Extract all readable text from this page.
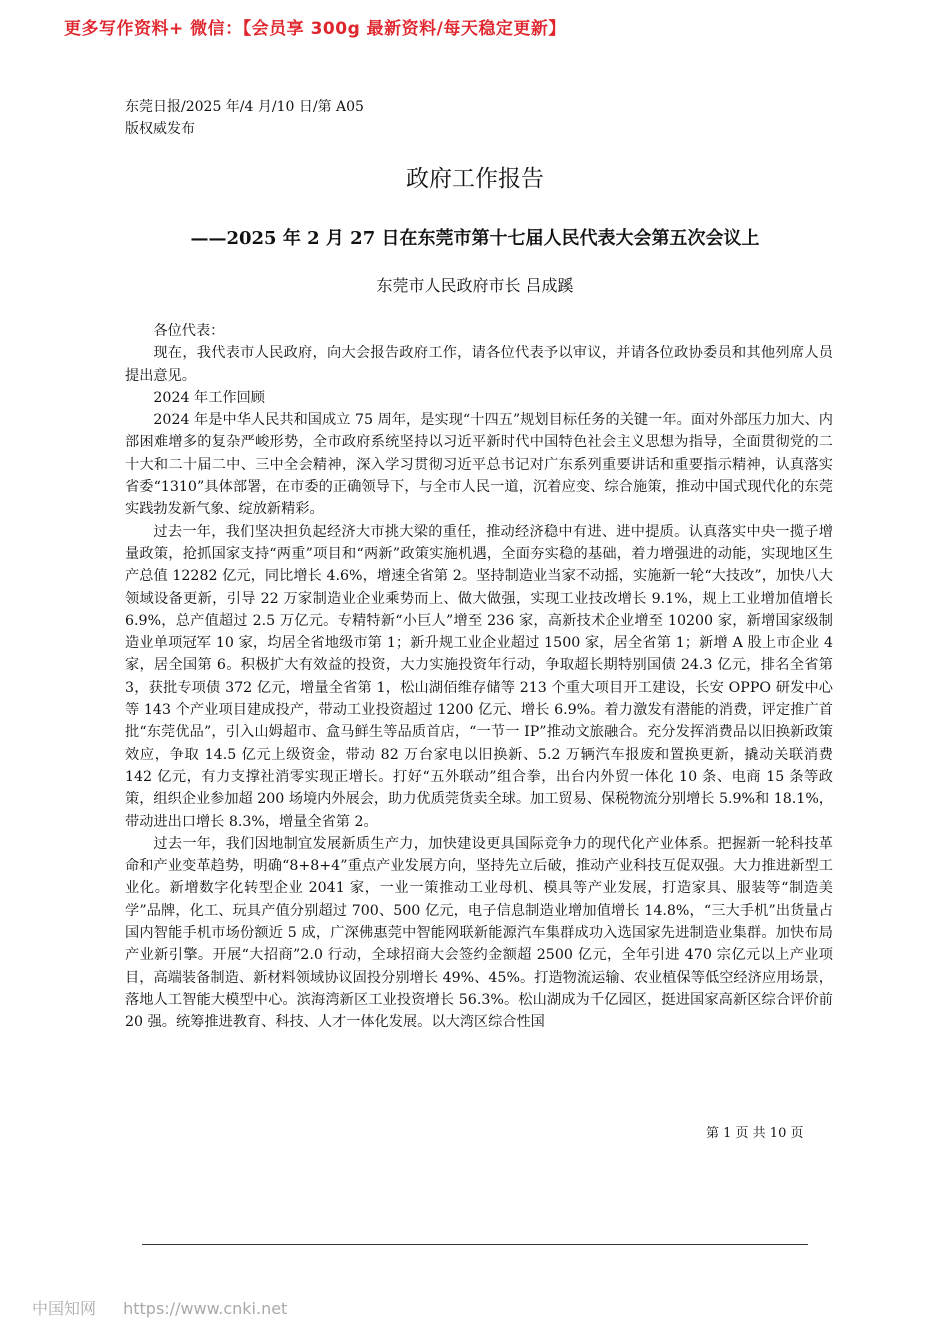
更多写作资料+ 微信：【会员享 300g 最新资料/每天稳定更新】
东莞日报/2025 年/4 月/10 日/第 A05
版权威发布
政府工作报告
——2025 年 2 月 27 日在东莞市第十七届人民代表大会第五次会议上
东莞市人民政府市长 吕成蹊

各位代表：

现在，我代表市人民政府，向大会报告政府工作，请各位代表予以审议，并请各位政协委员和其他列席人员提出意见。

2024 年工作回顾

2024 年是中华人民共和国成立 75 周年，是实现“十四五”规划目标任务的关键一年。面对外部压力加大、内部困难增多的复杂严峻形势，全市政府系统坚持以习近平新时代中国特色社会主义思想为指导，全面贯彻党的二十大和二十届二中、三中全会精神，深入学习贯彻习近平总书记对广东系列重要讲话和重要指示精神，认真落实省委“1310”具体部署，在市委的正确领导下，与全市人民一道，沉着应变、综合施策，推动中国式现代化的东莞实践勃发新气象、绽放新精彩。

过去一年，我们坚决担负起经济大市挑大梁的重任，推动经济稳中有进、进中提质。认真落实中央一揽子增量政策，抢抓国家支持“两重”项目和“两新”政策实施机遇，全面夯实稳的基础，着力增强进的动能，实现地区生产总值 12282 亿元，同比增长 4.6%，增速全省第 2。坚持制造业当家不动摇，实施新一轮“大技改”，加快八大领域设备更新，引导 22 万家制造业企业乘势而上、做大做强，实现工业技改增长 9.1%，规上工业增加值增长 6.9%，总产值超过 2.5 万亿元。专精特新“小巨人”增至 236 家，高新技术企业增至 10200 家，新增国家级制造业单项冠军 10 家，均居全省地级市第 1；新升规工业企业超过 1500 家，居全省第 1；新增 A 股上市企业 4 家，居全国第 6。积极扩大有效益的投资，大力实施投资年行动，争取超长期特别国债 24.3 亿元，排名全省第 3，获批专项债 372 亿元，增量全省第 1，松山湖佰维存储等 213 个重大项目开工建设，长安 OPPO 研发中心等 143 个产业项目建成投产，带动工业投资超过 1200 亿元、增长 6.9%。着力激发有潜能的消费，评定推广首批“东莞优品”，引入山姆超市、盒马鲜生等品质首店，“一节一 IP”推动文旅融合。充分发挥消费品以旧换新政策效应，争取 14.5 亿元上级资金，带动 82 万台家电以旧换新、5.2 万辆汽车报废和置换更新，撬动关联消费 142 亿元，有力支撑社消零实现正增长。打好“五外联动”组合拳，出台内外贸一体化 10 条、电商 15 条等政策，组织企业参加超 200 场境内外展会，助力优质莞货卖全球。加工贸易、保税物流分别增长 5.9%和 18.1%，带动进出口增长 8.3%，增量全省第 2。

过去一年，我们因地制宜发展新质生产力，加快建设更具国际竞争力的现代化产业体系。把握新一轮科技革命和产业变革趋势，明确“8+8+4”重点产业发展方向，坚持先立后破，推动产业科技互促双强。大力推进新型工业化。新增数字化转型企业 2041 家，一业一策推动工业母机、模具等产业发展，打造家具、服装等“制造美学”品牌，化工、玩具产值分别超过 700、500 亿元，电子信息制造业增加值增长 14.8%，“三大手机”出货量占国内智能手机市场份额近 5 成，广深佛惠莞中智能网联新能源汽车集群成功入选国家先进制造业集群。加快布局产业新引擎。开展“大招商”2.0 行动，全球招商大会签约金额超 2500 亿元，全年引进 470 宗亿元以上产业项目，高端装备制造、新材料领域协议固投分别增长 49%、45%。打造物流运输、农业植保等低空经济应用场景，落地人工智能大模型中心。滨海湾新区工业投资增长 56.3%。松山湖成为千亿园区，挺进国家高新区综合评价前 20 强。统筹推进教育、科技、人才一体化发展。以大湾区综合性国

第 1 页 共 10 页
中国知网 https://www.cnki.net
